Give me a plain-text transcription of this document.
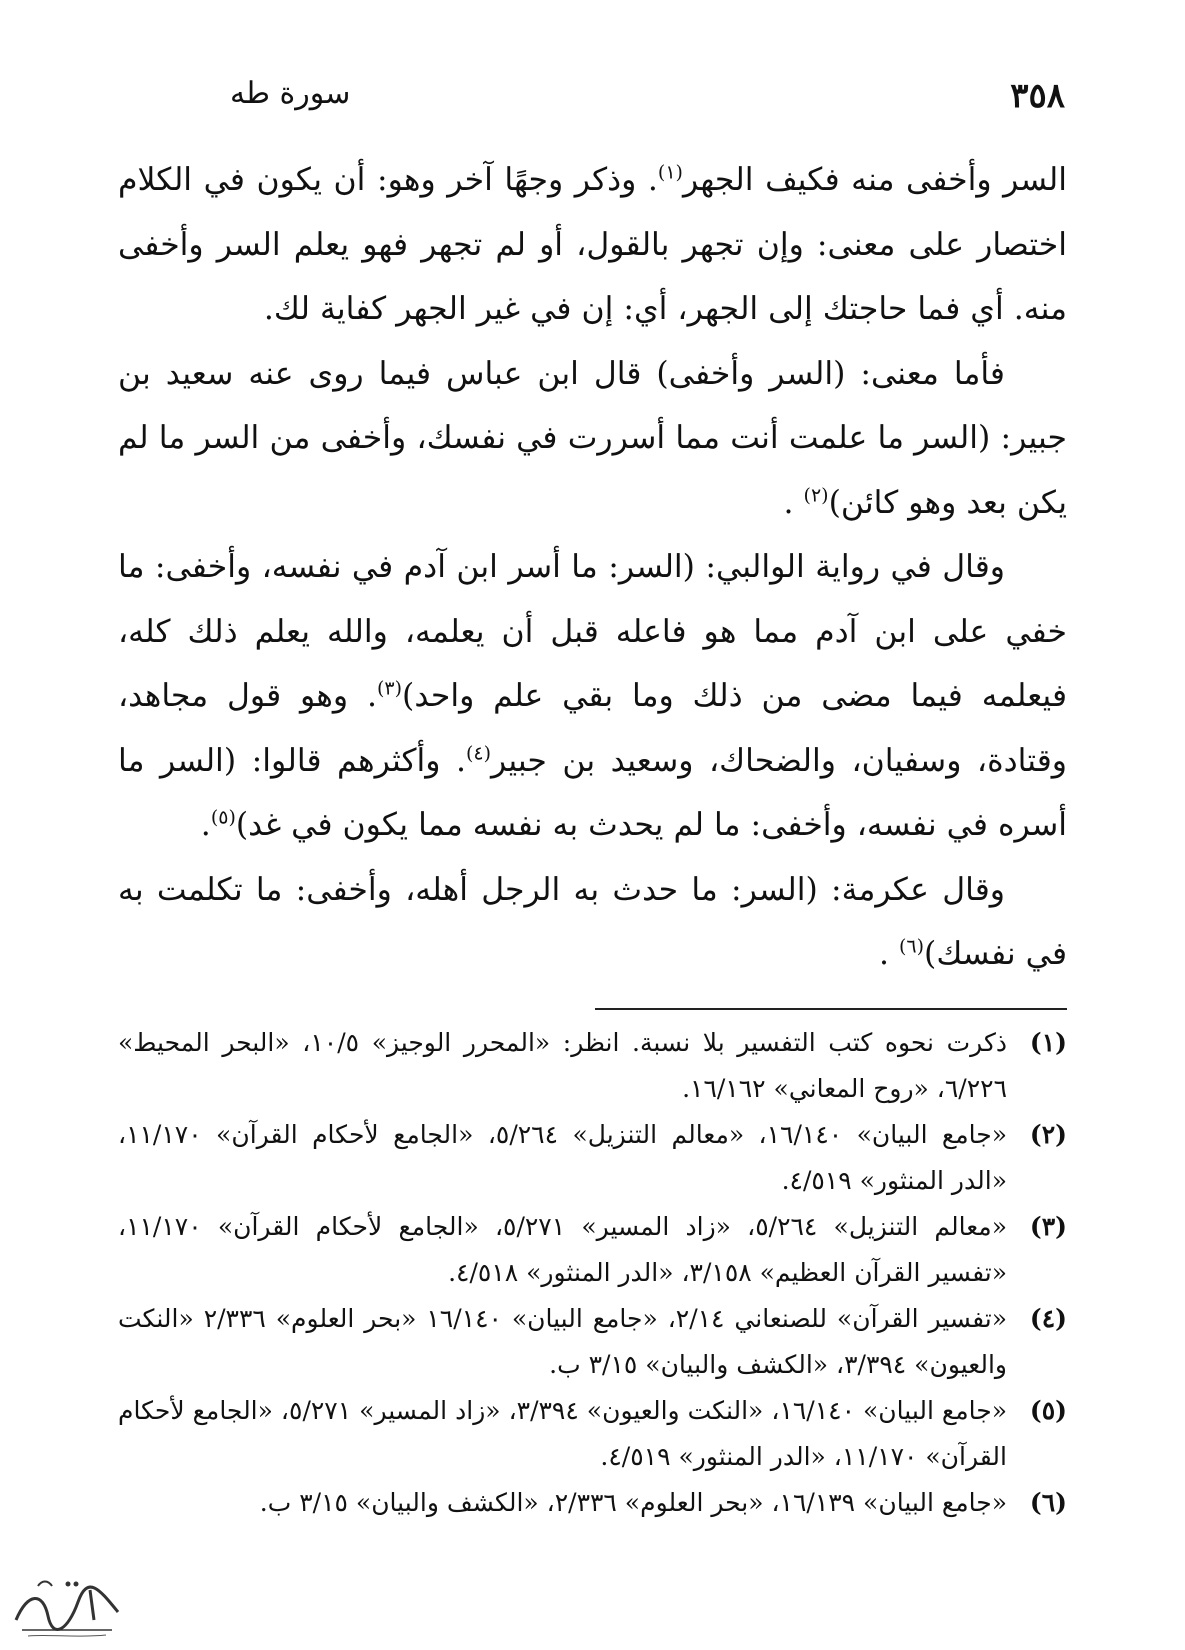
٣٥٨
سورة طه

السر وأخفى منه فكيف الجهر$^{(١)}$. وذكر وجهًا آخر وهو: أن يكون في الكلام اختصار على معنى: وإن تجهر بالقول، أو لم تجهر فهو يعلم السر وأخفى منه. أي فما حاجتك إلى الجهر، أي: إن في غير الجهر كفاية لك.

فأما معنى: (السر وأخفى) قال ابن عباس فيما روى عنه سعيد بن جبير: (السر ما علمت أنت مما أسررت في نفسك، وأخفى من السر ما لم يكن بعد وهو كائن)$^{(٢)}$ .

وقال في رواية الوالبي: (السر: ما أسر ابن آدم في نفسه، وأخفى: ما خفي على ابن آدم مما هو فاعله قبل أن يعلمه، والله يعلم ذلك كله، فيعلمه فيما مضى من ذلك وما بقي علم واحد)$^{(٣)}$. وهو قول مجاهد، وقتادة، وسفيان، والضحاك، وسعيد بن جبير$^{(٤)}$. وأكثرهم قالوا: (السر ما أسره في نفسه، وأخفى: ما لم يحدث به نفسه مما يكون في غد)$^{(٥)}$.

وقال عكرمة: (السر: ما حدث به الرجل أهله، وأخفى: ما تكلمت به في نفسك)$^{(٦)}$ .

(١)
ذكرت نحوه كتب التفسير بلا نسبة. انظر: «المحرر الوجيز» ١٠/٥، «البحر المحيط» ٦/٢٢٦، «روح المعاني» ١٦/١٦٢.
(٢)
«جامع البيان» ١٦/١٤٠، «معالم التنزيل» ٥/٢٦٤، «الجامع لأحكام القرآن» ١١/١٧٠، «الدر المنثور» ٤/٥١٩.
(٣)
«معالم التنزيل» ٥/٢٦٤، «زاد المسير» ٥/٢٧١، «الجامع لأحكام القرآن» ١١/١٧٠، «تفسير القرآن العظيم» ٣/١٥٨، «الدر المنثور» ٤/٥١٨.
(٤)
«تفسير القرآن» للصنعاني ٢/١٤، «جامع البيان» ١٦/١٤٠ «بحر العلوم» ٢/٣٣٦ «النكت والعيون» ٣/٣٩٤، «الكشف والبيان» ٣/١٥ ب.
(٥)
«جامع البيان» ١٦/١٤٠، «النكت والعيون» ٣/٣٩٤، «زاد المسير» ٥/٢٧١، «الجامع لأحكام القرآن» ١١/١٧٠، «الدر المنثور» ٤/٥١٩.
(٦)
«جامع البيان» ١٦/١٣٩، «بحر العلوم» ٢/٣٣٦، «الكشف والبيان» ٣/١٥ ب.
